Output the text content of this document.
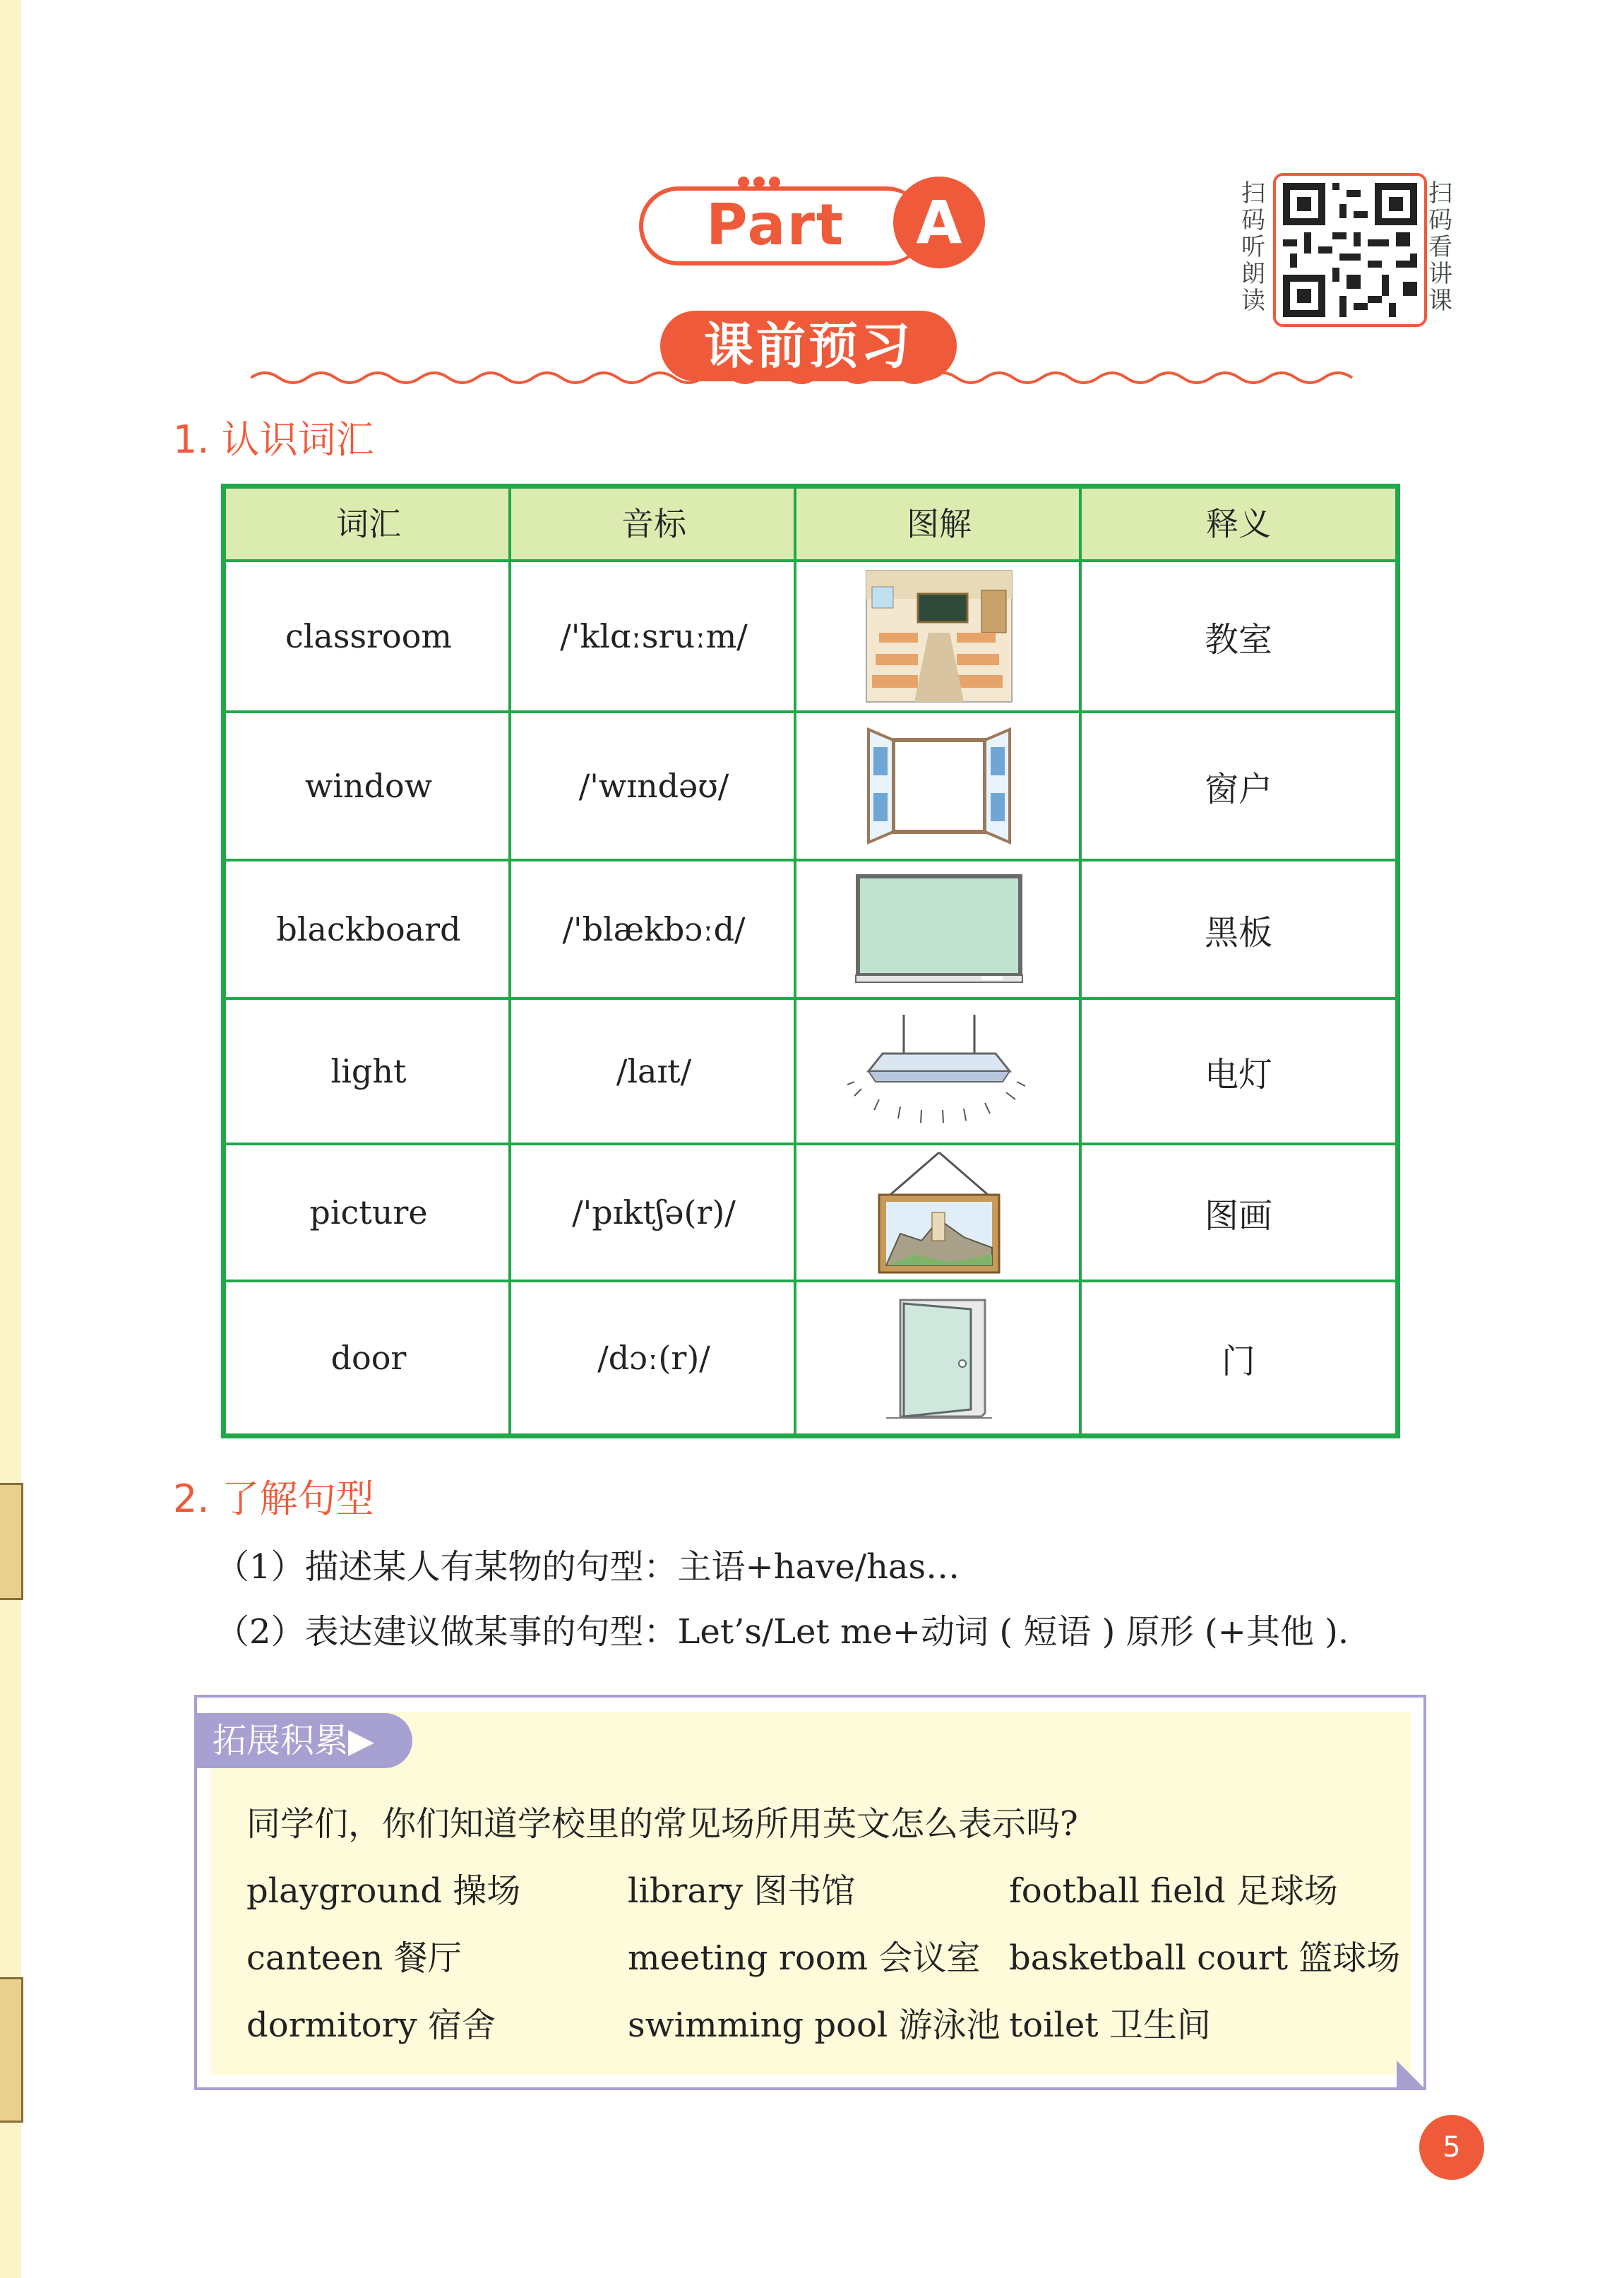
Part	A
课前预习
扫
码
听
朗
读
扫
码
看
讲
课
1. 认识词汇
词汇	音标	图解	释义
classroom	/'klɑːsruːm/	教室
window	/'wɪndəʊ/	窗户
blackboard	/'blækbɔːd/	黑板
light	/laɪt/	电灯
picture	/'pɪktʃə(r)/	图画
door	/dɔː(r)/	门
2. 了解句型
（1）描述某人有某物的句型：主语+have/has…
（2）表达建议做某事的句型：Let’s/Let me+动词 ( 短语 ) 原形 (+其他 ).
拓展积累▶
同学们，你们知道学校里的常见场所用英文怎么表示吗?
playground 操场	library 图书馆	football field 足球场
canteen 餐厅	meeting room 会议室 basketball court 篮球场
dormitory 宿舍	swimming pool 游泳池 toilet 卫生间
5
